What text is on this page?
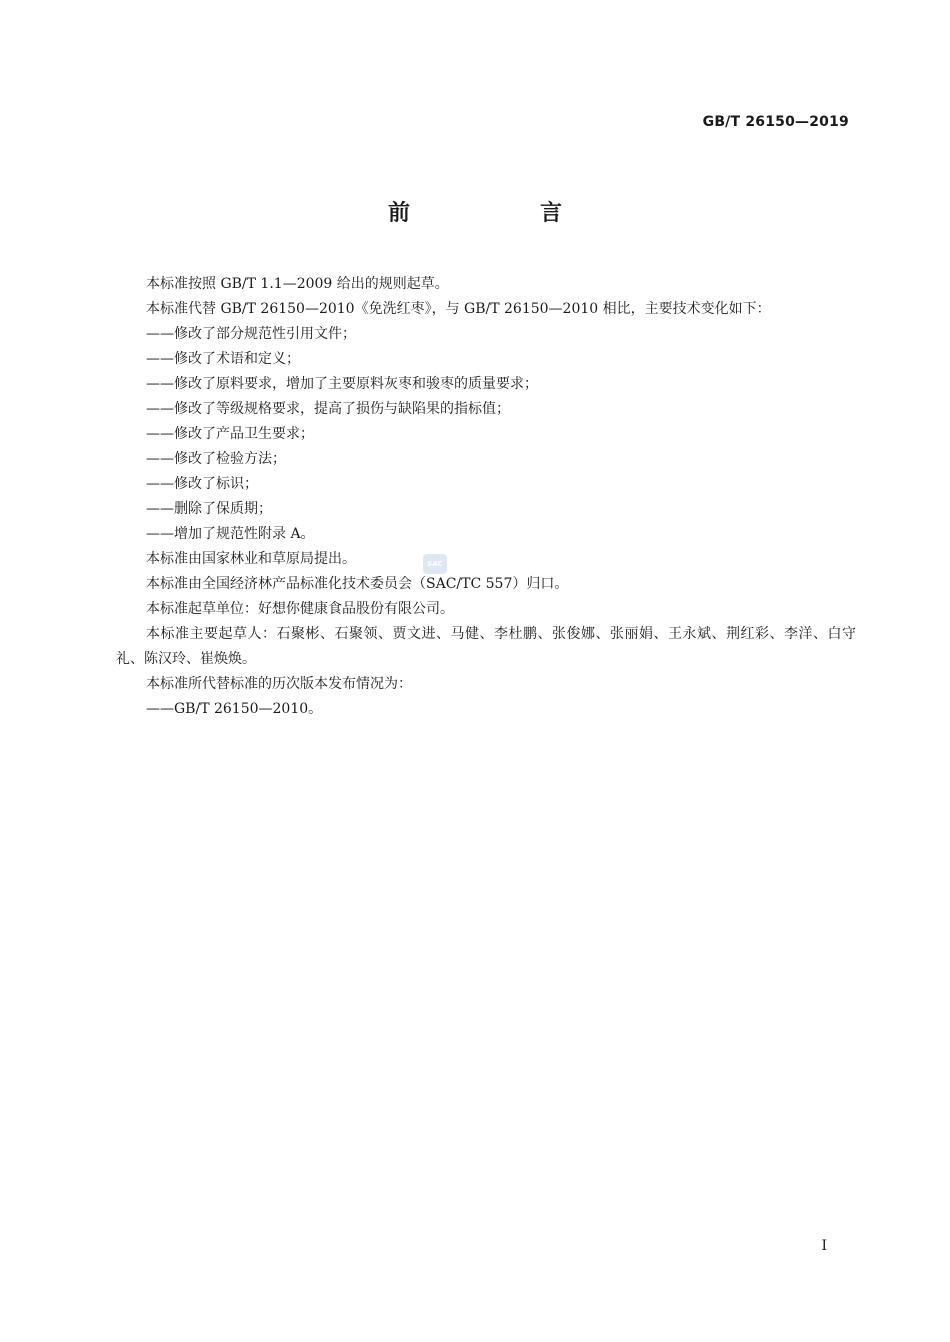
GB/T 26150—2019
前　言

本标准按照 GB/T 1.1—2009 给出的规则起草。

本标准代替 GB/T 26150—2010《免洗红枣》，与 GB/T 26150—2010 相比，主要技术变化如下：

——修改了部分规范性引用文件；

——修改了术语和定义；

——修改了原料要求，增加了主要原料灰枣和骏枣的质量要求；

——修改了等级规格要求，提高了损伤与缺陷果的指标值；

——修改了产品卫生要求；

——修改了检验方法；

——修改了标识；

——删除了保质期；

——增加了规范性附录 A。

本标准由国家林业和草原局提出。

本标准由全国经济林产品标准化技术委员会（SAC/TC 557）归口。

本标准起草单位：好想你健康食品股份有限公司。

本标准主要起草人：石聚彬、石聚领、贾文进、马健、李杜鹏、张俊娜、张丽娟、王永斌、荆红彩、李洋、白守礼、陈汉玲、崔焕焕。

本标准所代替标准的历次版本发布情况为：

——GB/T 26150—2010。

SAC
I
